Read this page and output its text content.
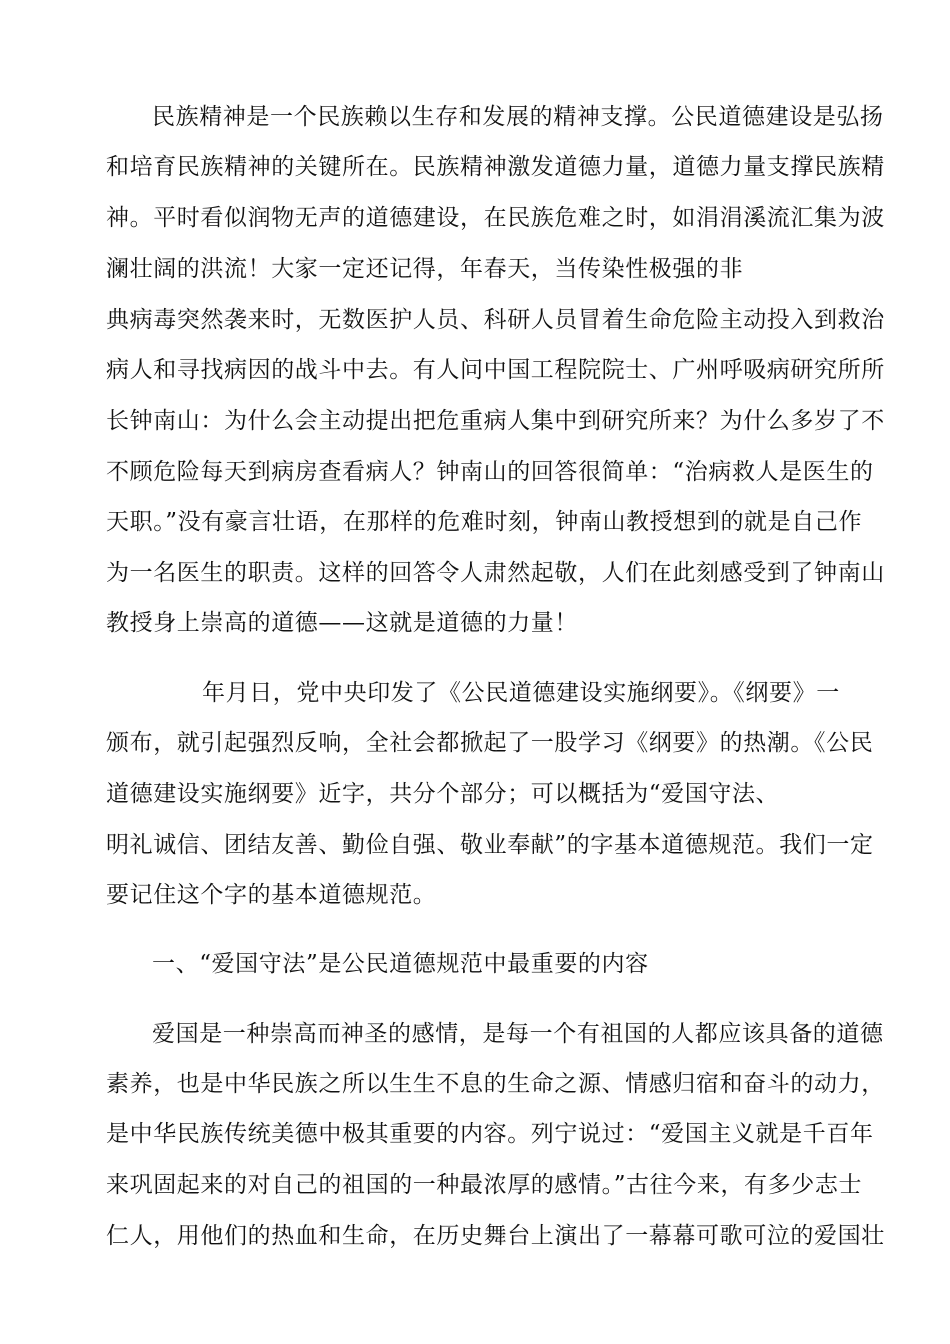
民族精神是一个民族赖以生存和发展的精神支撑。公民道德建设是弘扬
和培育民族精神的关键所在。民族精神激发道德力量，道德力量支撑民族精
神。平时看似润物无声的道德建设，在民族危难之时，如涓涓溪流汇集为波
澜壮阔的洪流！大家一定还记得，年春天，当传染性极强的非
典病毒突然袭来时，无数医护人员、科研人员冒着生命危险主动投入到救治
病人和寻找病因的战斗中去。有人问中国工程院院士、广州呼吸病研究所所
长钟南山：为什么会主动提出把危重病人集中到研究所来？为什么多岁了不
不顾危险每天到病房查看病人？钟南山的回答很简单：“治病救人是医生的
天职。”没有豪言壮语，在那样的危难时刻，钟南山教授想到的就是自己作
为一名医生的职责。这样的回答令人肃然起敬，人们在此刻感受到了钟南山
教授身上崇高的道德——这就是道德的力量！
年月日，党中央印发了《公民道德建设实施纲要》。《纲要》一
颁布，就引起强烈反响，全社会都掀起了一股学习《纲要》的热潮。《公民
道德建设实施纲要》近字，共分个部分；可以概括为“爱国守法、
明礼诚信、团结友善、勤俭自强、敬业奉献”的字基本道德规范。我们一定
要记住这个字的基本道德规范。
一、“爱国守法”是公民道德规范中最重要的内容
爱国是一种崇高而神圣的感情，是每一个有祖国的人都应该具备的道德
素养，也是中华民族之所以生生不息的生命之源、情感归宿和奋斗的动力，
是中华民族传统美德中极其重要的内容。列宁说过：“爱国主义就是千百年
来巩固起来的对自己的祖国的一种最浓厚的感情。”古往今来，有多少志士
仁人，用他们的热血和生命，在历史舞台上演出了一幕幕可歌可泣的爱国壮
